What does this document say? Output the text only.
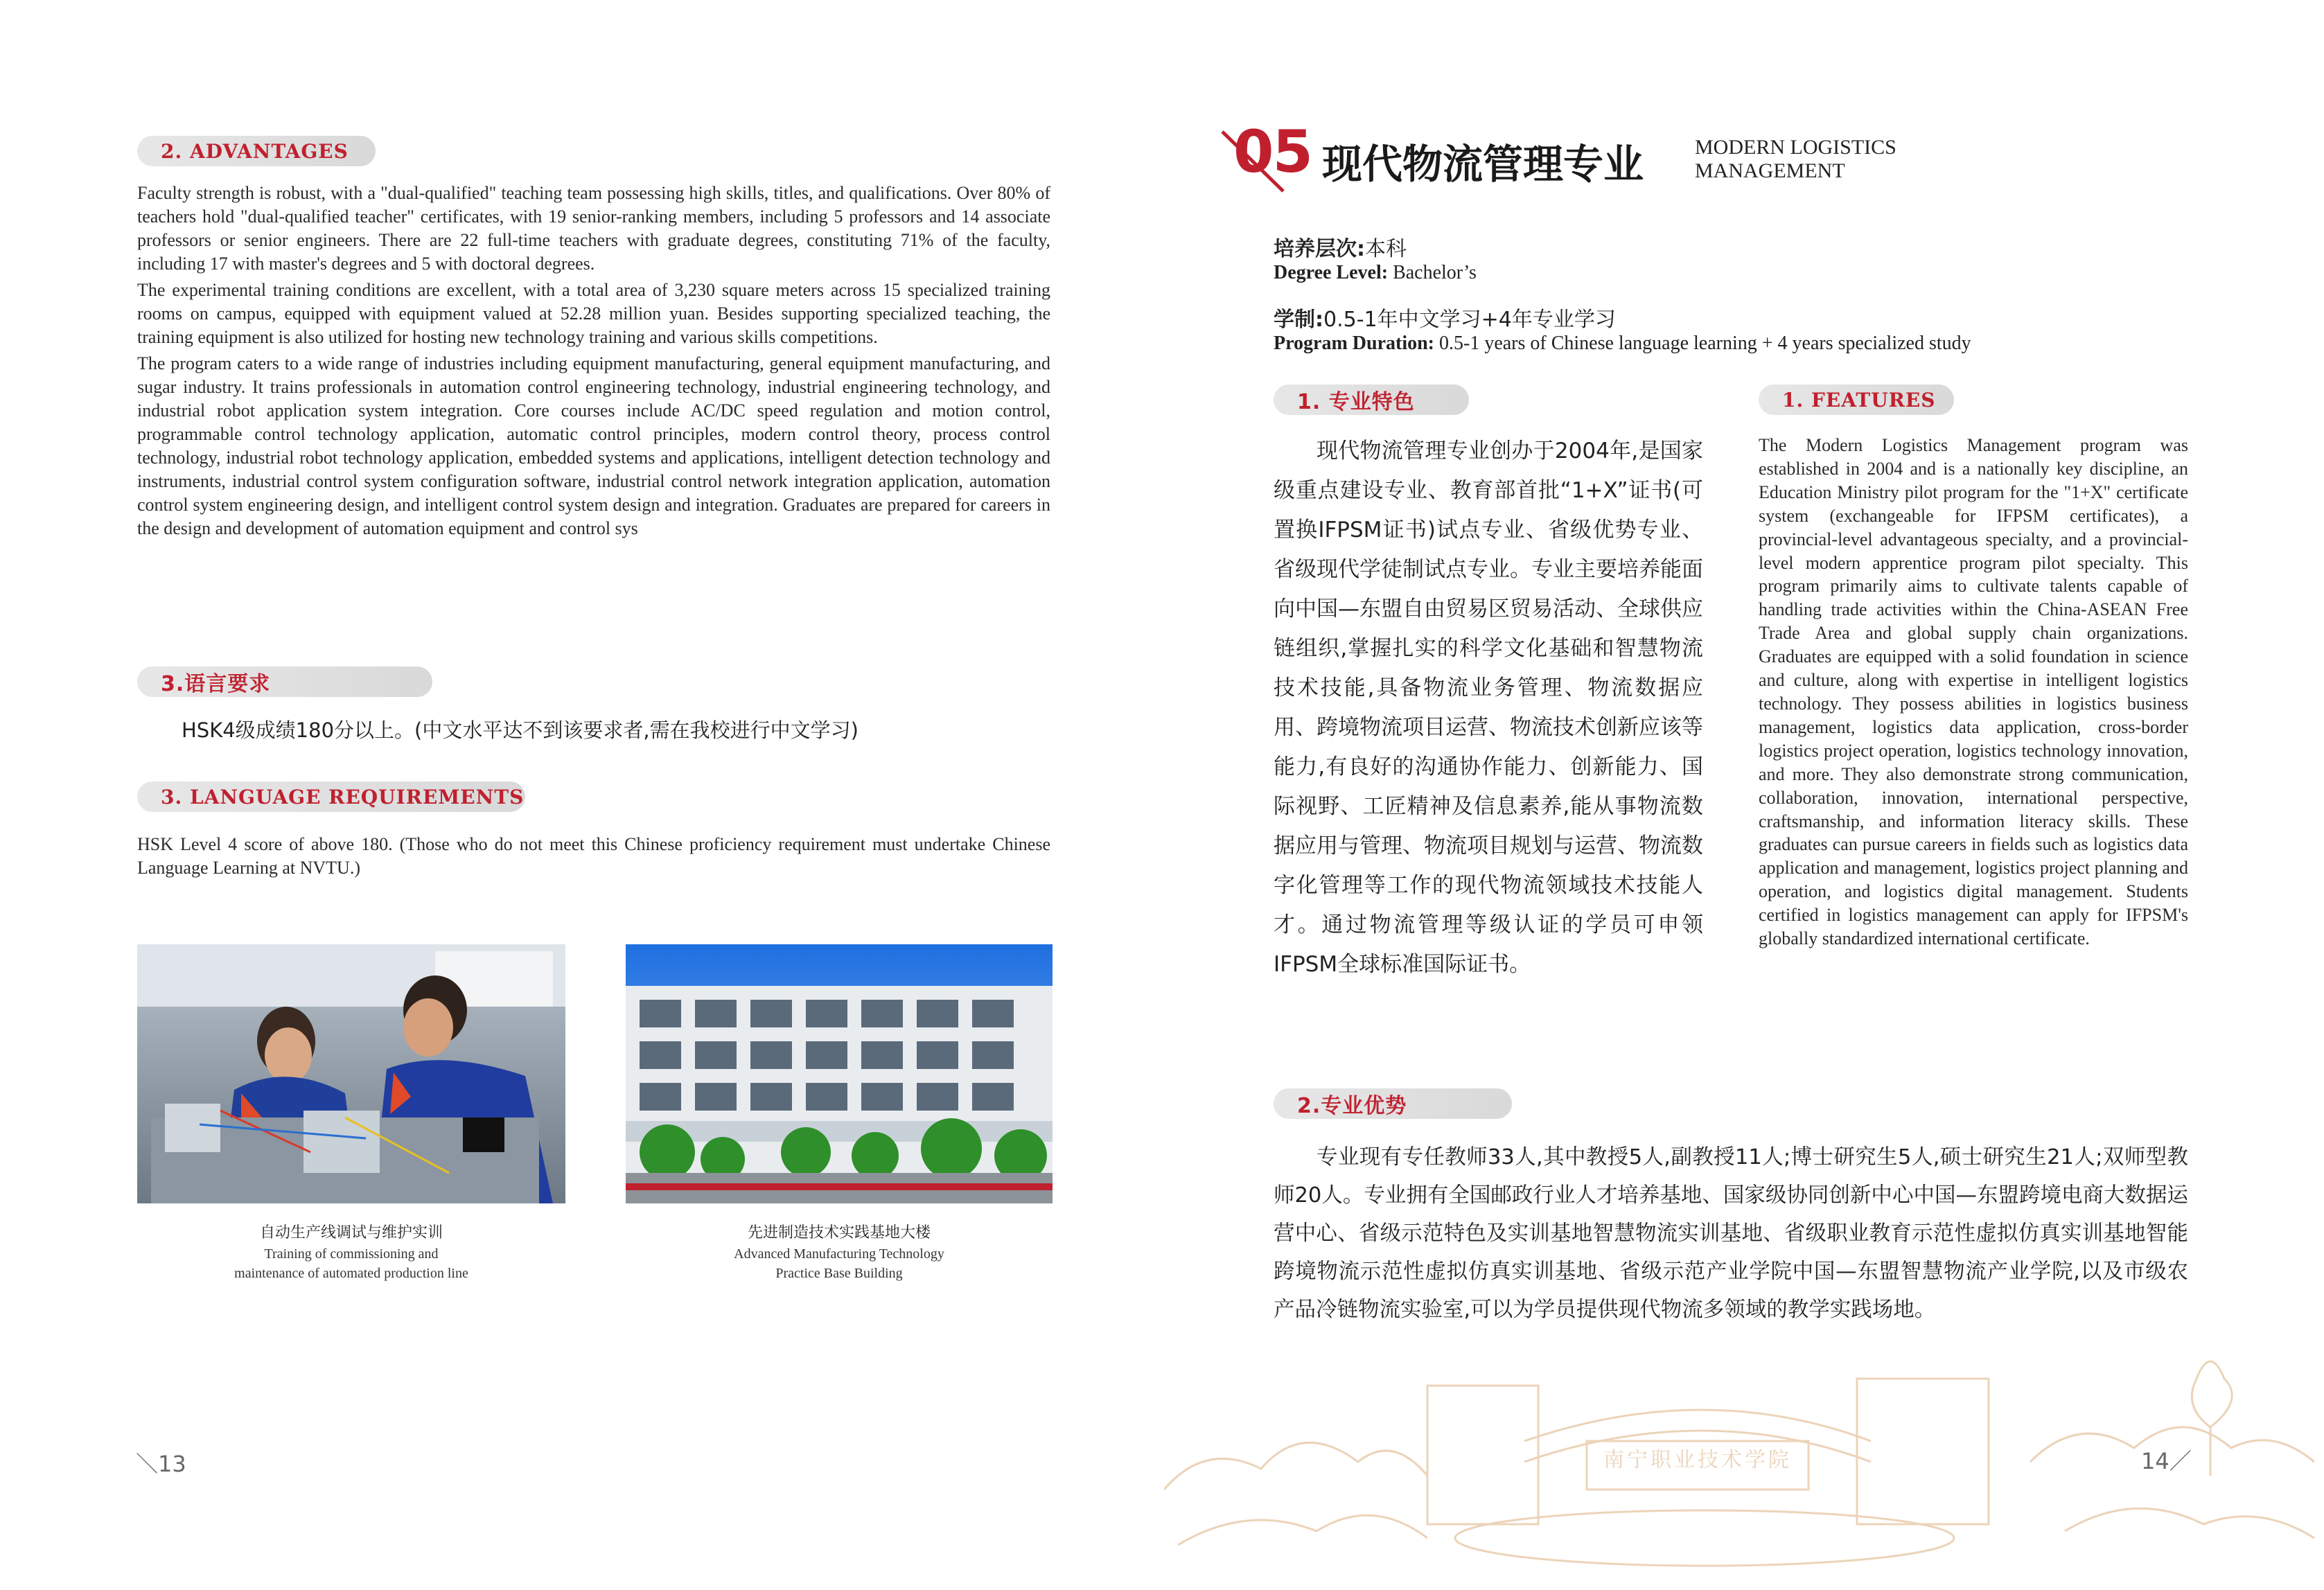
2. ADVANTAGES

Faculty strength is robust, with a "dual-qualified" teaching team possessing high skills, titles, and qualifications. Over 80% of teachers hold "dual-qualified teacher" certificates, with 19 senior-ranking members, including 5 professors and 14 associate professors or senior engineers. There are 22 full-time teachers with graduate degrees, constituting 71% of the faculty, including 17 with master's degrees and 5 with doctoral degrees.

The experimental training conditions are excellent, with a total area of 3,230 square meters across 15 specialized training rooms on campus, equipped with equipment valued at 52.28 million yuan. Besides supporting specialized teaching, the training equipment is also utilized for hosting new technology training and various skills competitions.

The program caters to a wide range of industries including equipment manufacturing, general equipment manufacturing, and sugar industry. It trains professionals in automation control engineering technology, industrial engineering technology, and industrial robot application system integration. Core courses include AC/DC speed regulation and motion control, programmable control technology application, automatic control principles, modern control theory, process control technology, industrial robot technology application, embedded systems and applications, intelligent detection technology and instruments, industrial control system configuration software, industrial control network integration application, automation control system engineering design, and intelligent control system design and integration. Graduates are prepared for careers in the design and development of automation equipment and control sys

3.语言要求
HSK4级成绩180分以上。(中文水平达不到该要求者,需在我校进行中文学习)
3. LANGUAGE REQUIREMENTS

HSK Level 4 score of above 180. (Those who do not meet this Chinese proficiency requirement must undertake Chinese Language Learning at NVTU.)

自动生产线调试与维护实训
Training of commissioning and
maintenance of automated production line
先进制造技术实践基地大楼
Advanced Manufacturing Technology
Practice Base Building
＼13	南宁职业技术学院
05 现代物流管理专业 MODERN LOGISTICS
MANAGEMENT
培养层次:本科
Degree Level: Bachelor’s
学制:0.5-1年中文学习+4年专业学习
Program Duration: 0.5-1 years of Chinese language learning + 4 years specialized study
1. 专业特色	1. FEATURES

现代物流管理专业创办于2004年,是国家级重点建设专业、教育部首批“1+X”证书(可置换IFPSM证书)试点专业、省级优势专业、省级现代学徒制试点专业。专业主要培养能面向中国—东盟自由贸易区贸易活动、全球供应链组织,掌握扎实的科学文化基础和智慧物流技术技能,具备物流业务管理、物流数据应用、跨境物流项目运营、物流技术创新应该等能力,有良好的沟通协作能力、创新能力、国际视野、工匠精神及信息素养,能从事物流数据应用与管理、物流项目规划与运营、物流数字化管理等工作的现代物流领域技术技能人才。通过物流管理等级认证的学员可申领IFPSM全球标准国际证书。

The Modern Logistics Management program was established in 2004 and is a nationally key discipline, an Education Ministry pilot program for the "1+X" certificate system (exchangeable for IFPSM certificates), a provincial-level advantageous specialty, and a provincial-level modern apprentice program pilot specialty. This program primarily aims to cultivate talents capable of handling trade activities within the China-ASEAN Free Trade Area and global supply chain organizations. Graduates are equipped with a solid foundation in science and culture, along with expertise in intelligent logistics technology. They possess abilities in logistics business management, logistics data application, cross-border logistics project operation, logistics technology innovation, and more. They also demonstrate strong communication, collaboration, innovation, international perspective, craftsmanship, and information literacy skills. These graduates can pursue careers in fields such as logistics data application and management, logistics project planning and operation, and logistics digital management. Students certified in logistics management can apply for IFPSM's globally standardized international certificate.

2.专业优势

专业现有专任教师33人,其中教授5人,副教授11人;博士研究生5人,硕士研究生21人;双师型教师20人。专业拥有全国邮政行业人才培养基地、国家级协同创新中心中国—东盟跨境电商大数据运营中心、省级示范特色及实训基地智慧物流实训基地、省级职业教育示范性虚拟仿真实训基地智能跨境物流示范性虚拟仿真实训基地、省级示范产业学院中国—东盟智慧物流产业学院,以及市级农产品冷链物流实验室,可以为学员提供现代物流多领域的教学实践场地。

14／
